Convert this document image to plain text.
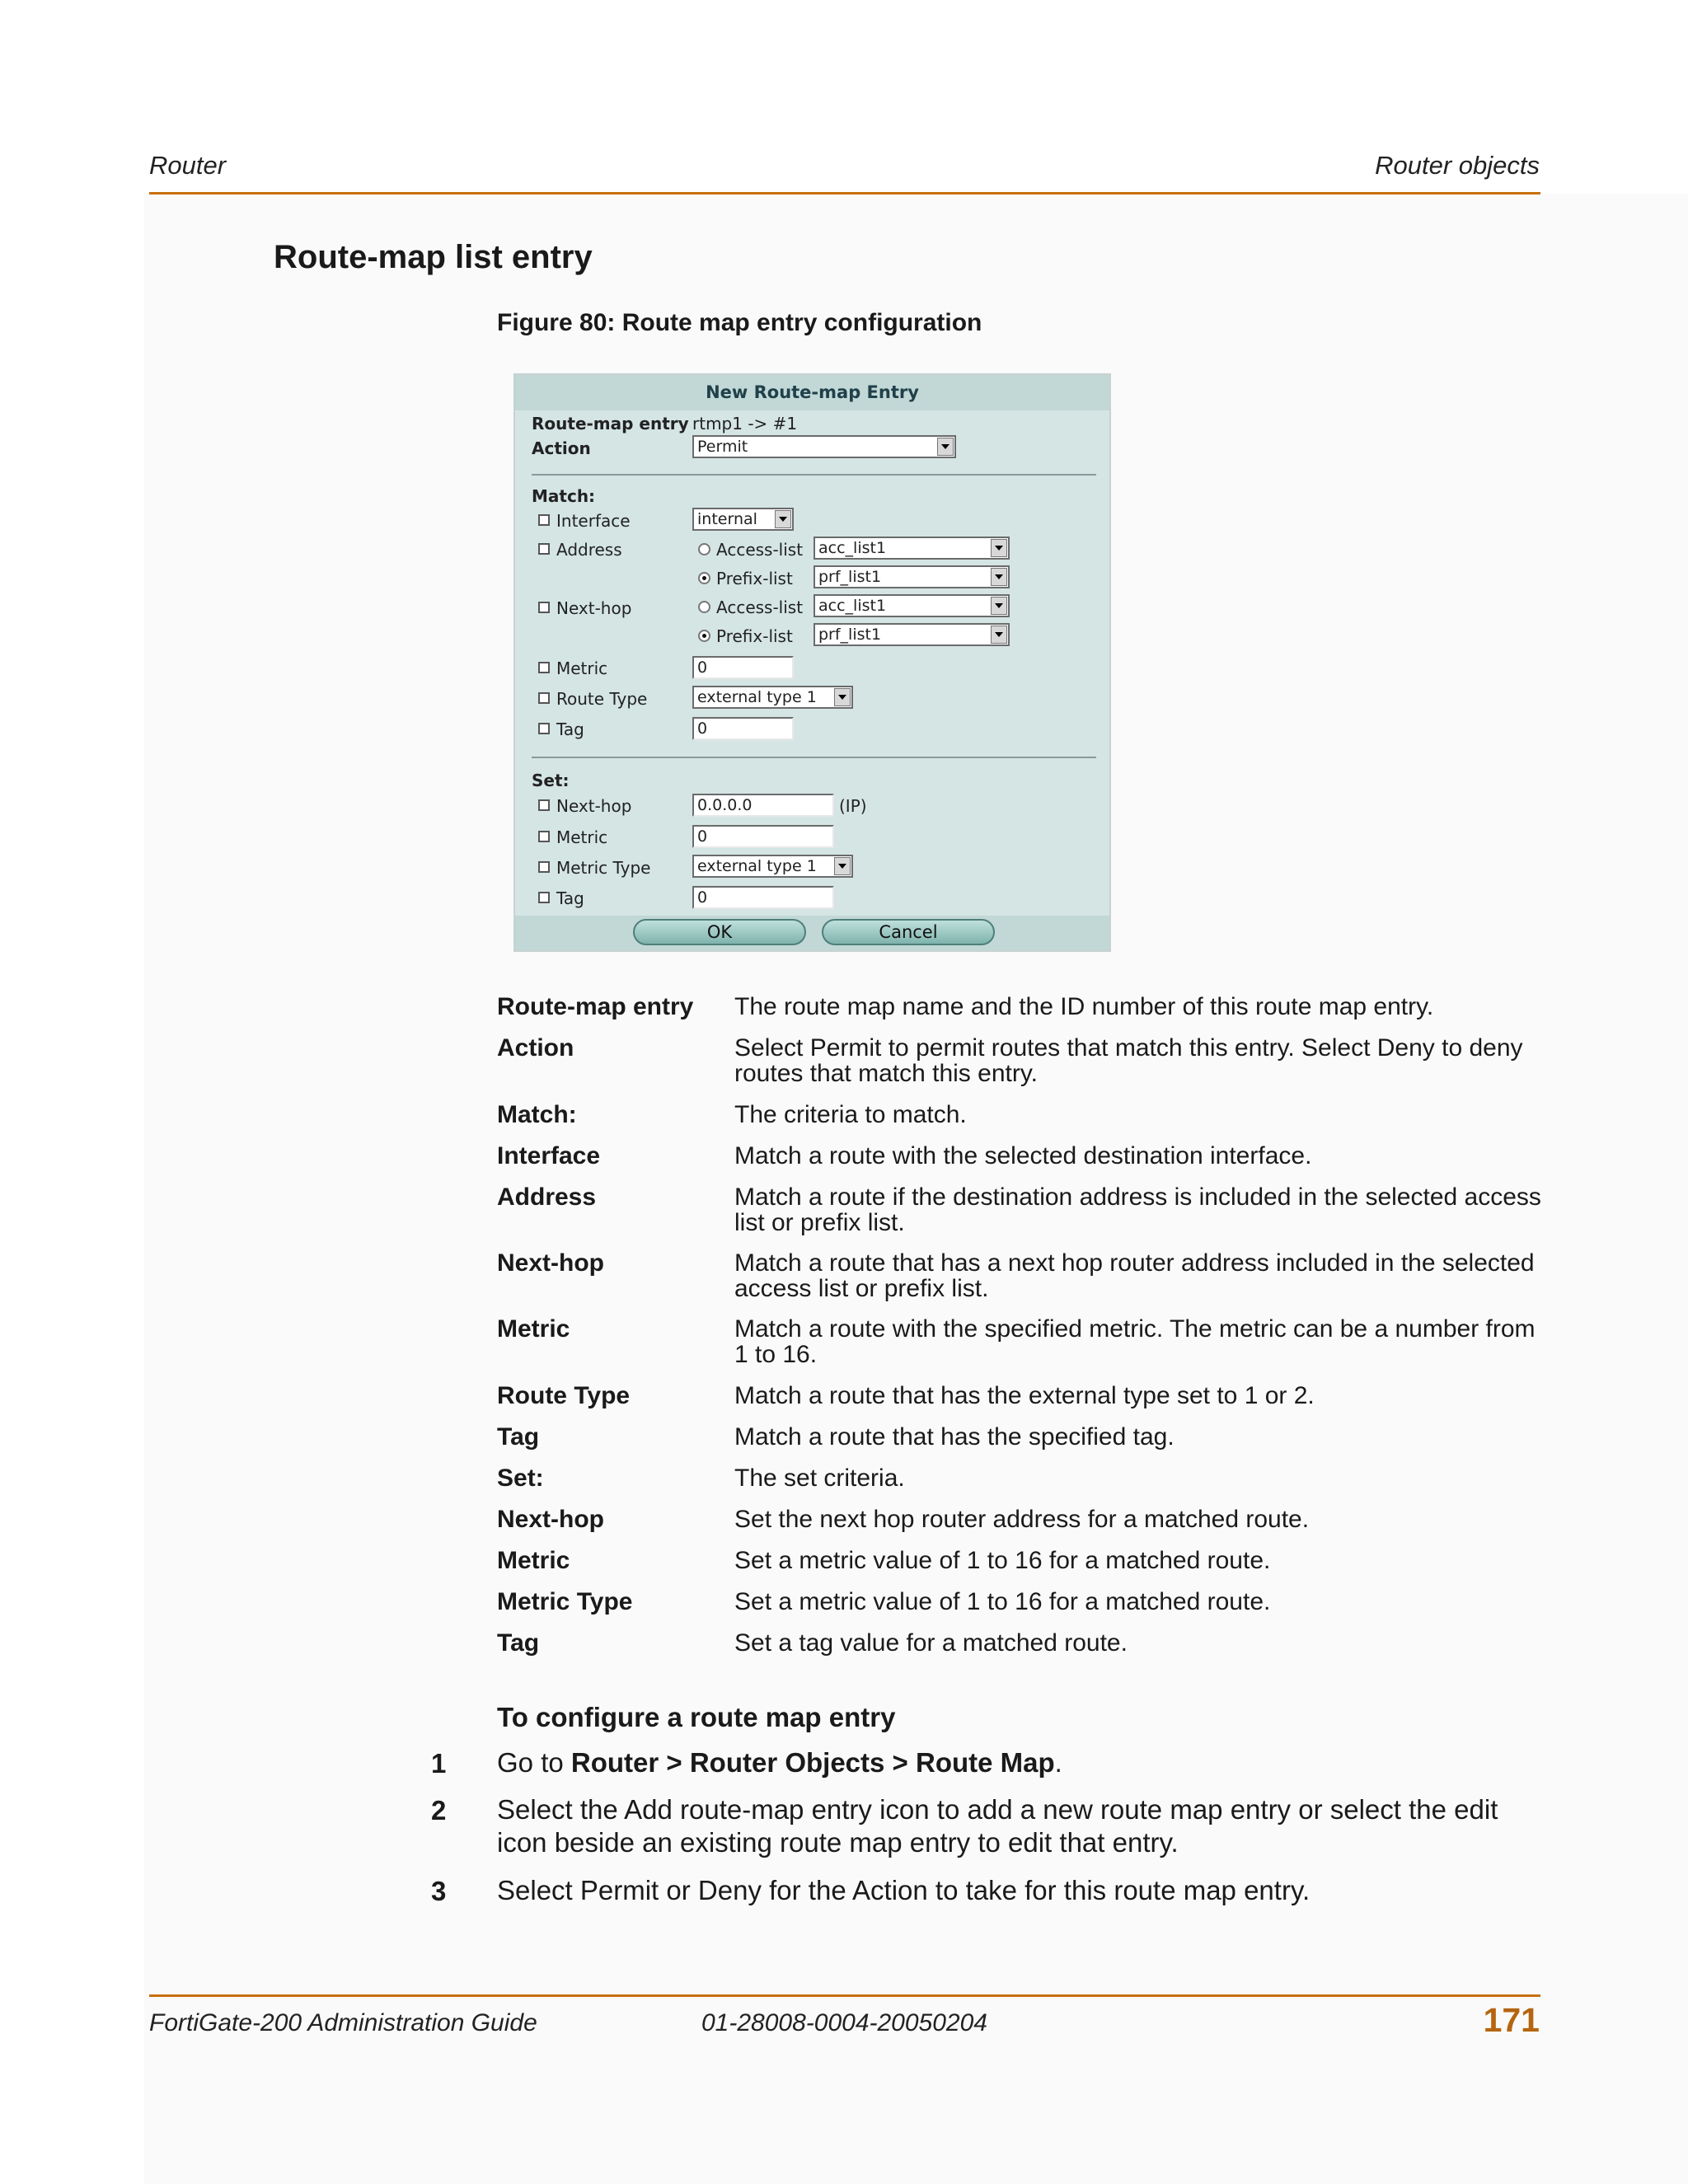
Router	Router objects
Route-map list entry
Figure 80: Route map entry configuration
New Route-map Entry
Route-map entry rtmp1 -> #1
Action	Permit
Match:
Interface	internal
Address	Access-list acc_list1
Prefix-list	prf_list1
Next-hop	Access-list acc_list1
Prefix-list	prf_list1
Metric	0
Route Type	external type 1
Tag	0
Set:
Next-hop	0.0.0.0	(IP)
Metric	0
Metric Type	external type 1
Tag	0
OK	Cancel
Route-map entry The route map name and the ID number of this route map entry.
Action	Select Permit to permit routes that match this entry. Select Deny to deny routes that match this entry.
Match:	The criteria to match.
Interface	Match a route with the selected destination interface.
Address	Match a route if the destination address is included in the selected access list or prefix list.
Next-hop	Match a route that has a next hop router address included in the selected access list or prefix list.
Metric	Match a route with the specified metric. The metric can be a number from 1 to 16.
Route Type	Match a route that has the external type set to 1 or 2.
Tag	Match a route that has the specified tag.
Set:	The set criteria.
Next-hop	Set the next hop router address for a matched route.
Metric	Set a metric value of 1 to 16 for a matched route.
Metric Type	Set a metric value of 1 to 16 for a matched route.
Tag	Set a tag value for a matched route.
To configure a route map entry
1 Go to Router > Router Objects > Route Map.
2 Select the Add route-map entry icon to add a new route map entry or select the edit icon beside an existing route map entry to edit that entry.
3 Select Permit or Deny for the Action to take for this route map entry.
FortiGate-200 Administration Guide	01-28008-0004-20050204	171
